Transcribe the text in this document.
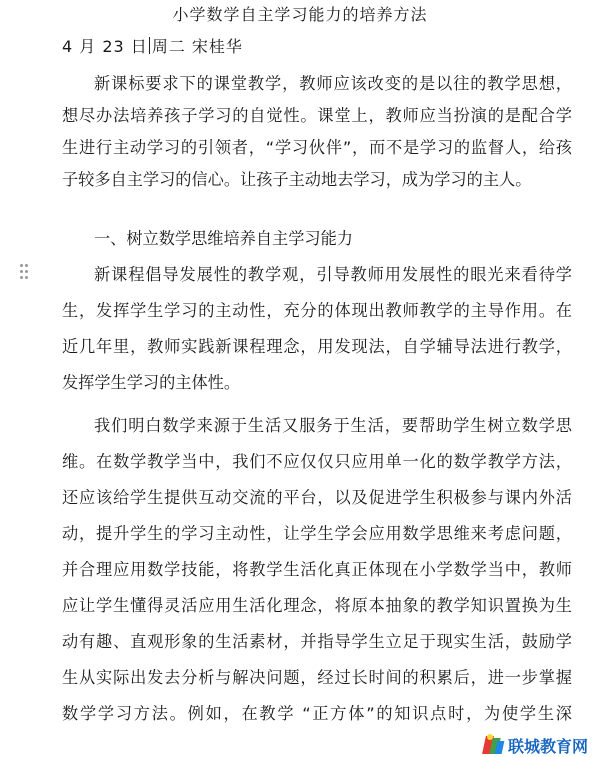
小学数学自主学习能力的培养方法
4 月 23 日 周二 宋桂华
新课标要求下的课堂教学，教师应该改变的是以往的教学思想，
想尽办法培养孩子学习的自觉性。课堂上，教师应当扮演的是配合学
生进行主动学习的引领者，“学习伙伴”，而不是学习的监督人，给孩
子较多自主学习的信心。让孩子主动地去学习，成为学习的主人。
一、树立数学思维培养自主学习能力
新课程倡导发展性的教学观，引导教师用发展性的眼光来看待学
生，发挥学生学习的主动性，充分的体现出教师教学的主导作用。在
近几年里，教师实践新课程理念，用发现法，自学辅导法进行教学，
发挥学生学习的主体性。
我们明白数学来源于生活又服务于生活，要帮助学生树立数学思
维。在数学教学当中，我们不应仅仅只应用单一化的数学教学方法，
还应该给学生提供互动交流的平台，以及促进学生积极参与课内外活
动，提升学生的学习主动性，让学生学会应用数学思维来考虑问题，
并合理应用数学技能，将教学生活化真正体现在小学数学当中，教师
应让学生懂得灵活应用生活化理念，将原本抽象的教学知识置换为生
动有趣、直观形象的生活素材，并指导学生立足于现实生活，鼓励学
生从实际出发去分析与解决问题，经过长时间的积累后，进一步掌握
数学学习方法。例如，在教学 “正方体”的知识点时，为使学生深
联城教育网
